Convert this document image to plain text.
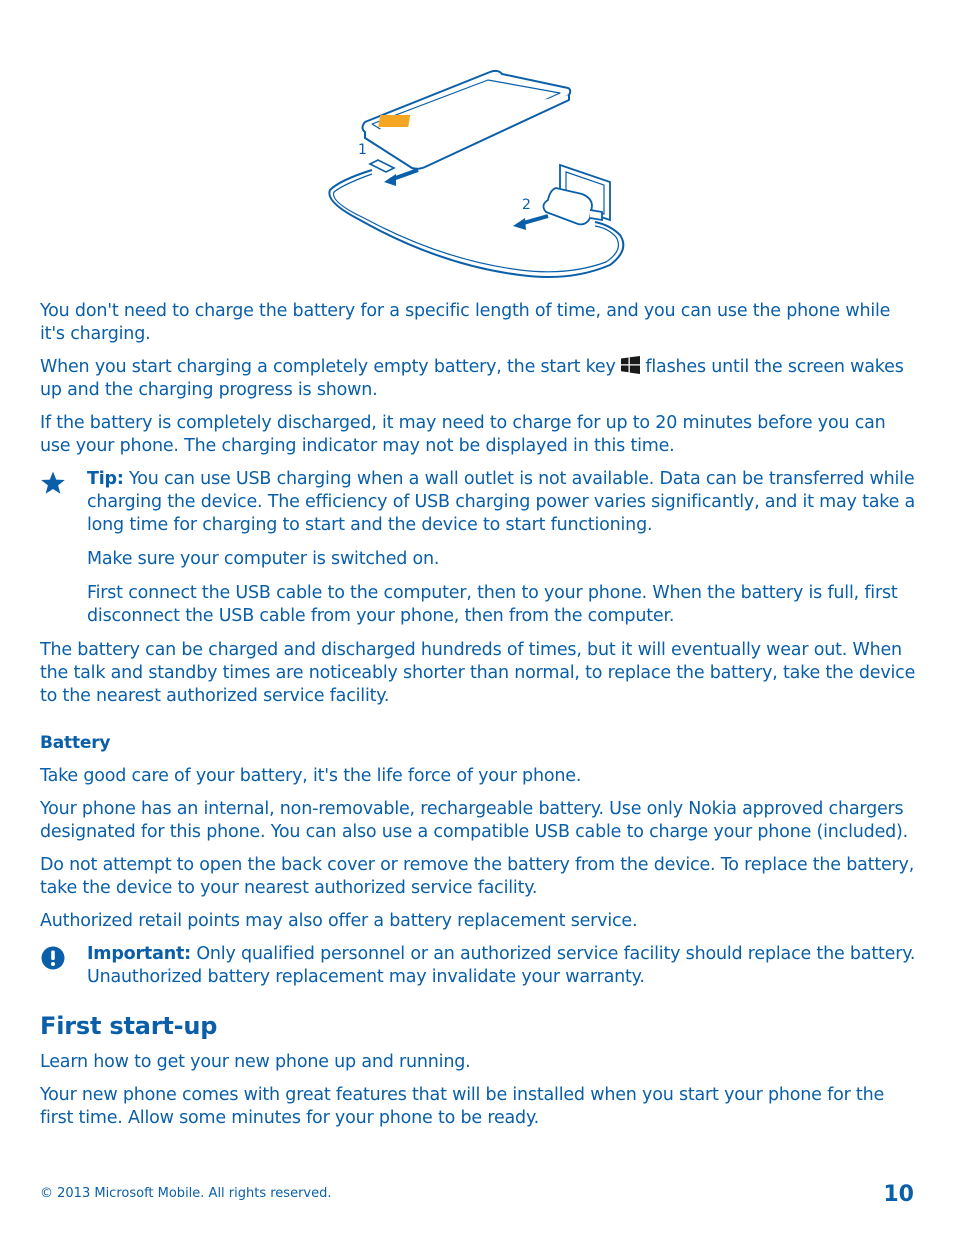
1
2

You don't need to charge the battery for a specific length of time, and you can use the phone while it's charging.

When you start charging a completely empty battery, the start key flashes until the screen wakes up and the charging progress is shown.

If the battery is completely discharged, it may need to charge for up to 20 minutes before you can use your phone. The charging indicator may not be displayed in this time.

Tip: You can use USB charging when a wall outlet is not available. Data can be transferred while charging the device. The efficiency of USB charging power varies significantly, and it may take a long time for charging to start and the device to start functioning.

Make sure your computer is switched on.

First connect the USB cable to the computer, then to your phone. When the battery is full, first disconnect the USB cable from your phone, then from the computer.

The battery can be charged and discharged hundreds of times, but it will eventually wear out. When the talk and standby times are noticeably shorter than normal, to replace the battery, take the device to the nearest authorized service facility.

Battery

Take good care of your battery, it's the life force of your phone.

Your phone has an internal, non-removable, rechargeable battery. Use only Nokia approved chargers designated for this phone. You can also use a compatible USB cable to charge your phone (included).

Do not attempt to open the back cover or remove the battery from the device. To replace the battery, take the device to your nearest authorized service facility.

Authorized retail points may also offer a battery replacement service.

Important: Only qualified personnel or an authorized service facility should replace the battery. Unauthorized battery replacement may invalidate your warranty.

First start-up

Learn how to get your new phone up and running.

Your new phone comes with great features that will be installed when you start your phone for the first time. Allow some minutes for your phone to be ready.

© 2013 Microsoft Mobile. All rights reserved.	10
